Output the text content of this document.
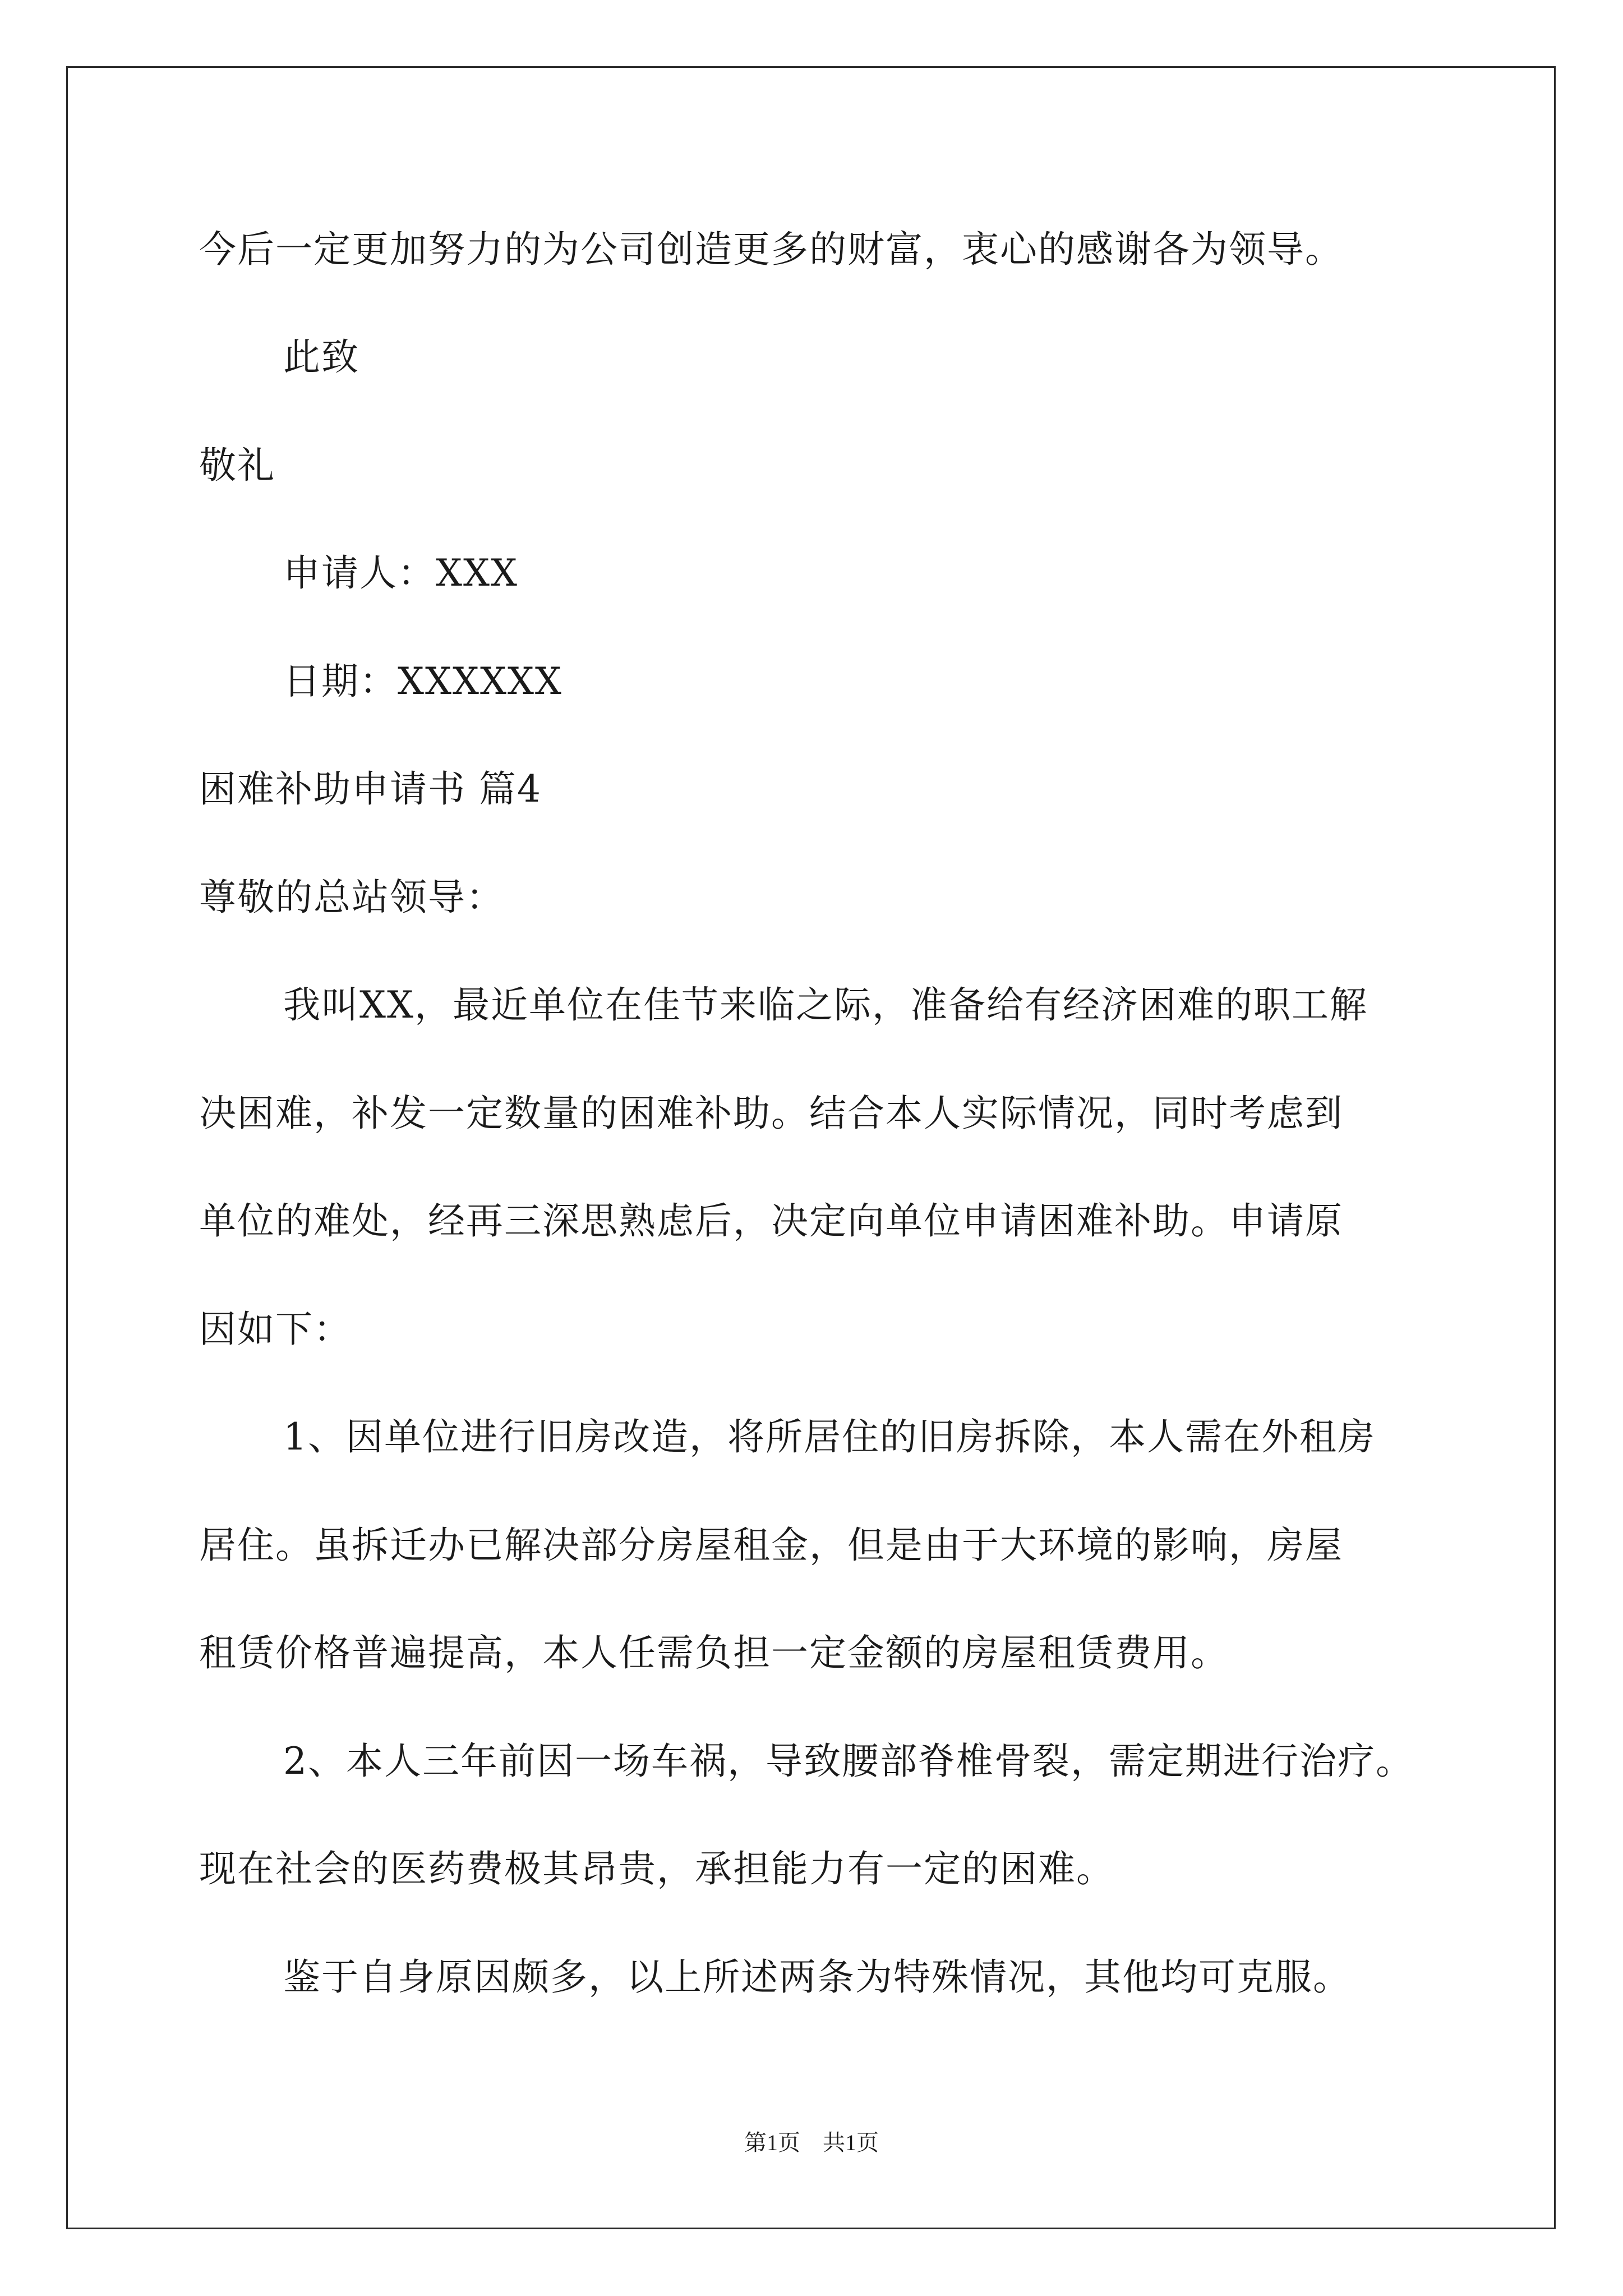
今后一定更加努力的为公司创造更多的财富，衷心的感谢各为领导。
此致
敬礼
申请人：XXX
日期：XXXXXX
困难补助申请书 篇4
尊敬的总站领导：
我叫XX，最近单位在佳节来临之际，准备给有经济困难的职工解
决困难，补发一定数量的困难补助。结合本人实际情况，同时考虑到
单位的难处，经再三深思熟虑后，决定向单位申请困难补助。申请原
因如下：
1、因单位进行旧房改造，将所居住的旧房拆除，本人需在外租房
居住。虽拆迁办已解决部分房屋租金，但是由于大环境的影响，房屋
租赁价格普遍提高，本人任需负担一定金额的房屋租赁费用。
2、本人三年前因一场车祸，导致腰部脊椎骨裂，需定期进行治疗。
现在社会的医药费极其昂贵，承担能力有一定的困难。
鉴于自身原因颇多，以上所述两条为特殊情况，其他均可克服。
第1页　共1页
